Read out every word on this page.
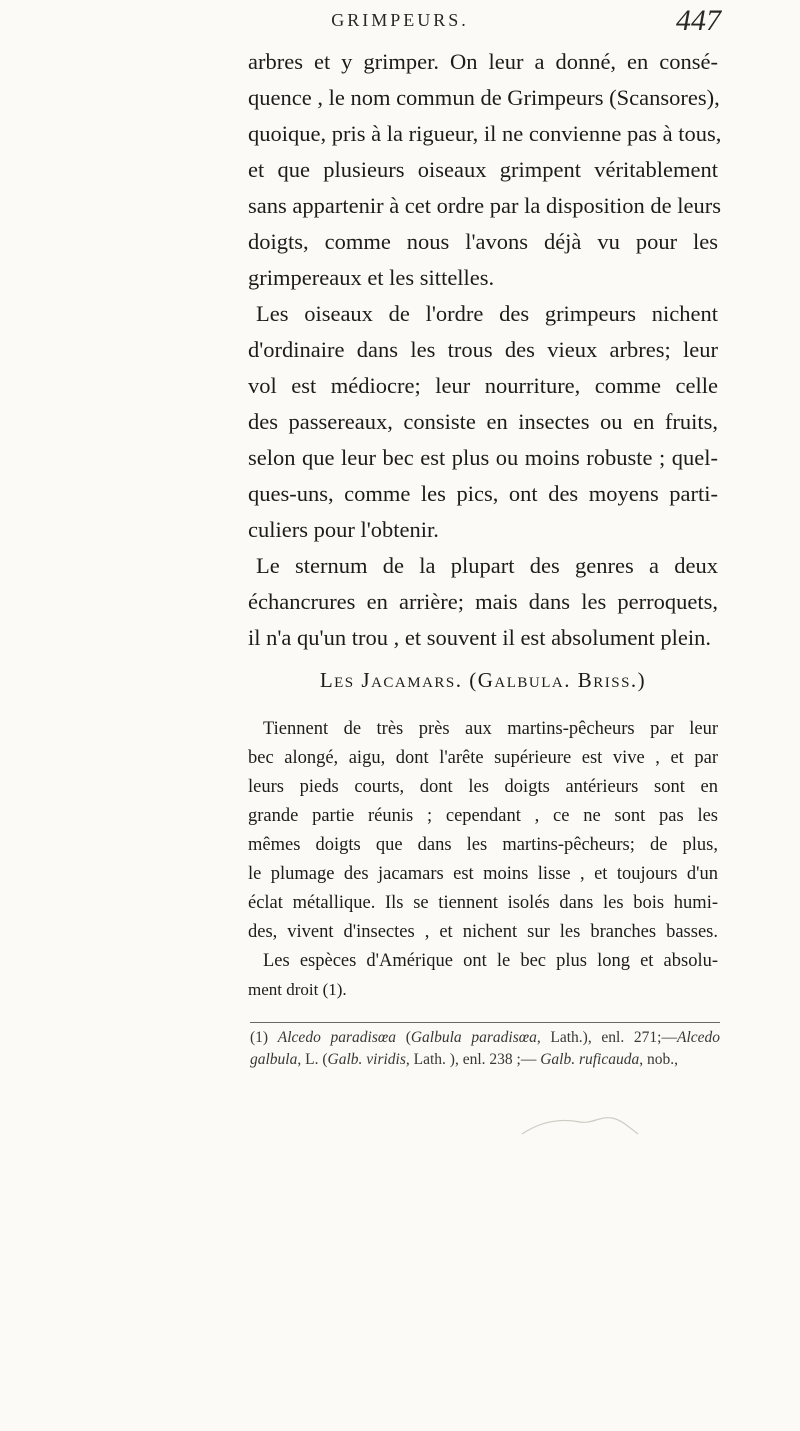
GRIMPEURS.	447
arbres et y grimper. On leur a donné, en consé-
quence , le nom commun de Grimpeurs (Scansores),
quoique, pris à la rigueur, il ne convienne pas à tous,
et que plusieurs oiseaux grimpent véritablement
sans appartenir à cet ordre par la disposition de leurs
doigts, comme nous l'avons déjà vu pour les
grimpereaux et les sittelles.
Les oiseaux de l'ordre des grimpeurs nichent
d'ordinaire dans les trous des vieux arbres; leur
vol est médiocre; leur nourriture, comme celle
des passereaux, consiste en insectes ou en fruits,
selon que leur bec est plus ou moins robuste ; quel-
ques-uns, comme les pics, ont des moyens parti-
culiers pour l'obtenir.
Le sternum de la plupart des genres a deux
échancrures en arrière; mais dans les perroquets,
il n'a qu'un trou , et souvent il est absolument plein.
Les Jacamars. (Galbula. Briss.)
Tiennent de très près aux martins-pêcheurs par leur
bec alongé, aigu, dont l'arête supérieure est vive , et par
leurs pieds courts, dont les doigts antérieurs sont en
grande partie réunis ; cependant , ce ne sont pas les
mêmes doigts que dans les martins-pêcheurs; de plus,
le plumage des jacamars est moins lisse , et toujours d'un
éclat métallique. Ils se tiennent isolés dans les bois humi-
des, vivent d'insectes , et nichent sur les branches basses.
Les espèces d'Amérique ont le bec plus long et absolu-
ment droit (1).
(1) Alcedo paradisœa (Galbula paradisœa, Lath.), enl. 271;—Alcedo
galbula, L. (Galb. viridis, Lath. ), enl. 238 ;— Galb. ruficauda, nob.,
